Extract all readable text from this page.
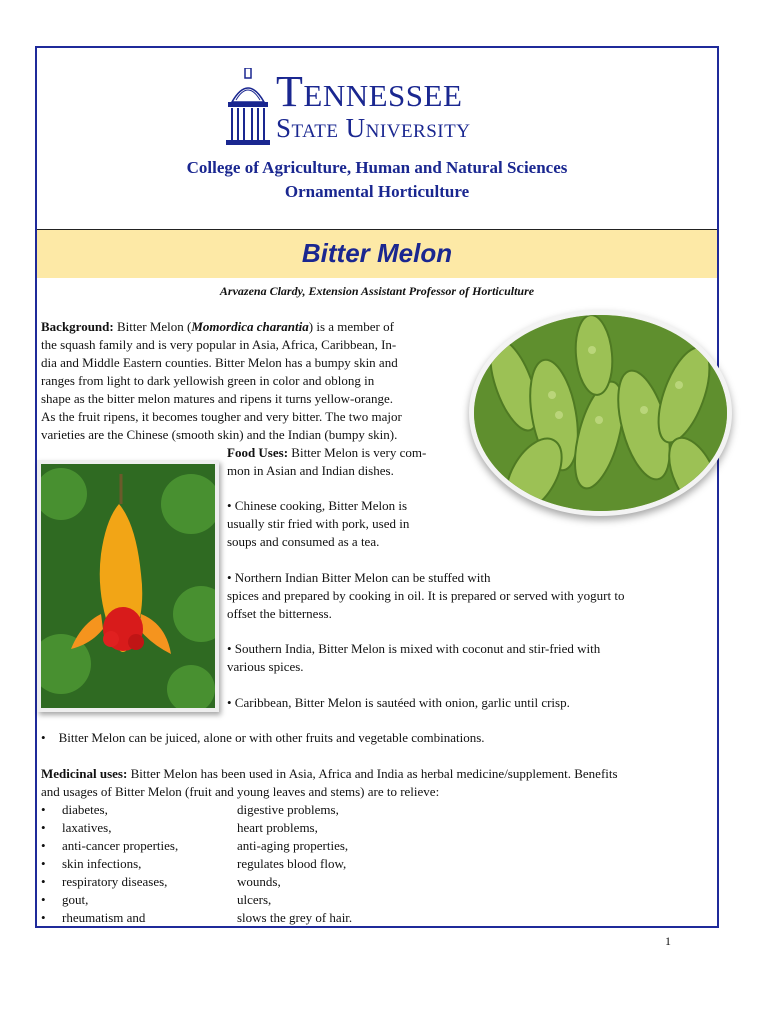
Tennessee
State University
College of Agriculture, Human and Natural Sciences
Ornamental Horticulture
Bitter Melon
Arvazena Clardy, Extension Assistant Professor of Horticulture
Background: Bitter Melon (Momordica charantia) is a member of
the squash family and is very popular in Asia, Africa, Caribbean, In-
dia and Middle Eastern counties. Bitter Melon has a bumpy skin and
ranges from light to dark yellowish green in color and oblong in
shape as the bitter melon matures and ripens it turns yellow-orange.
As the fruit ripens, it becomes tougher and very bitter. The two major
varieties are the Chinese (smooth skin) and the Indian (bumpy skin).
Food Uses: Bitter Melon is very com-
mon in Asian and Indian dishes.
• Chinese cooking, Bitter Melon is
usually stir fried with pork, used in
soups and consumed as a tea.
• Northern Indian Bitter Melon can be stuffed with
spices and prepared by cooking in oil. It is prepared or served with yogurt to
offset the bitterness.
• Southern India, Bitter Melon is mixed with coconut and stir-fried with
various spices.
• Caribbean, Bitter Melon is sautéed with onion, garlic until crisp.
• Bitter Melon can be juiced, alone or with other fruits and vegetable combinations.
Medicinal uses: Bitter Melon has been used in Asia, Africa and India as herbal medicine/supplement. Benefits
and usages of Bitter Melon (fruit and young leaves and stems) are to relieve:
• diabetes,	digestive problems,
• laxatives,	heart problems,
• anti-cancer properties,	anti-aging properties,
• skin infections,	regulates blood flow,
• respiratory diseases,	wounds,
• gout,	ulcers,
• rheumatism and	slows the grey of hair.
1
